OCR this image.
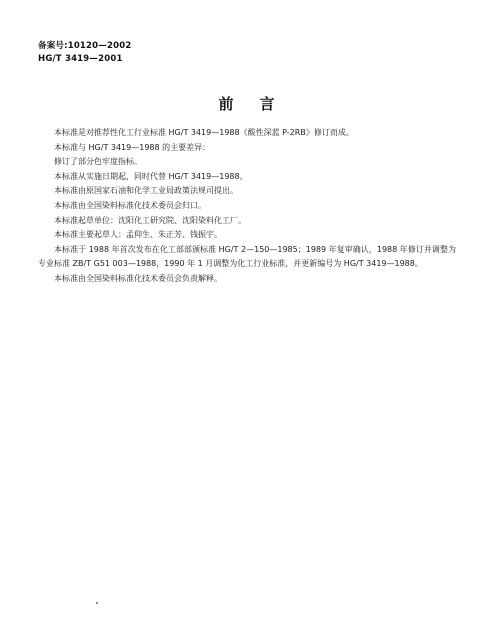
备案号:10120—2002
HG/T 3419—2001
前言

本标准是对推荐性化工行业标准 HG/T 3419—1988《酸性深蓝 P-2RB》修订而成。

本标准与 HG/T 3419—1988 的主要差异：

修订了部分色牢度指标。

本标准从实施日期起，同时代替 HG/T 3419—1988。

本标准由原国家石油和化学工业局政策法规司提出。

本标准由全国染料标准化技术委员会归口。

本标准起草单位：沈阳化工研究院、沈阳染料化工厂。

本标准主要起草人：孟仰生、朱正芳、钱振宇。

本标准于 1988 年首次发布在化工部部颁标准 HG/T 2—150—1985；1989 年复审确认，1988 年修订并调整为专业标准 ZB/T G51 003—1988，1990 年 1 月调整为化工行业标准，并更新编号为 HG/T 3419—1988。

本标准由全国染料标准化技术委员会负责解释。
